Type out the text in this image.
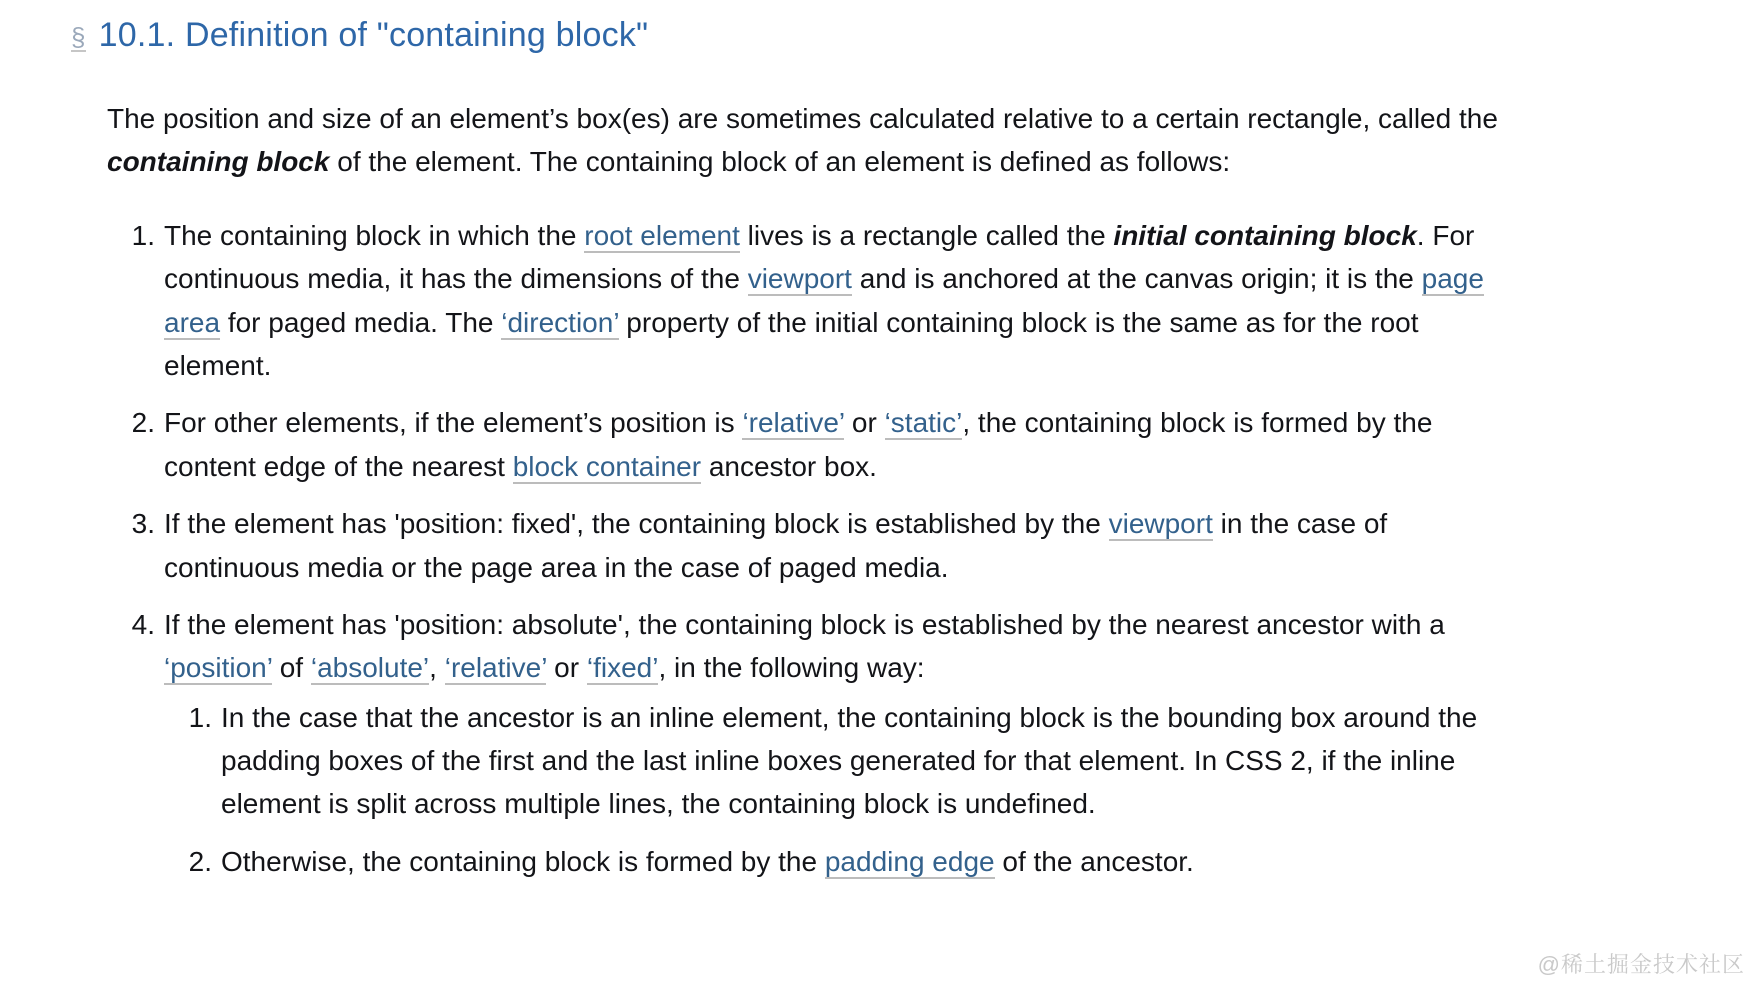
§ 10.1. Definition of "containing block"

The position and size of an element’s box(es) are sometimes calculated relative to a certain rectangle, called the containing block of the element. The containing block of an element is defined as follows:

1. The containing block in which the root element lives is a rectangle called the initial containing block. For continuous media, it has the dimensions of the viewport and is anchored at the canvas origin; it is the page area for paged media. The ‘direction’ property of the initial containing block is the same as for the root element.
2. For other elements, if the element’s position is ‘relative’ or ‘static’, the containing block is formed by the content edge of the nearest block container ancestor box.
3. If the element has 'position: fixed', the containing block is established by the viewport in the case of continuous media or the page area in the case of paged media.
4. If the element has 'position: absolute', the containing block is established by the nearest ancestor with a ‘position’ of ‘absolute’, ‘relative’ or ‘fixed’, in the following way:
1. In the case that the ancestor is an inline element, the containing block is the bounding box around the padding boxes of the first and the last inline boxes generated for that element. In CSS 2, if the inline element is split across multiple lines, the containing block is undefined.
2. Otherwise, the containing block is formed by the padding edge of the ancestor.
@稀土掘金技术社区
